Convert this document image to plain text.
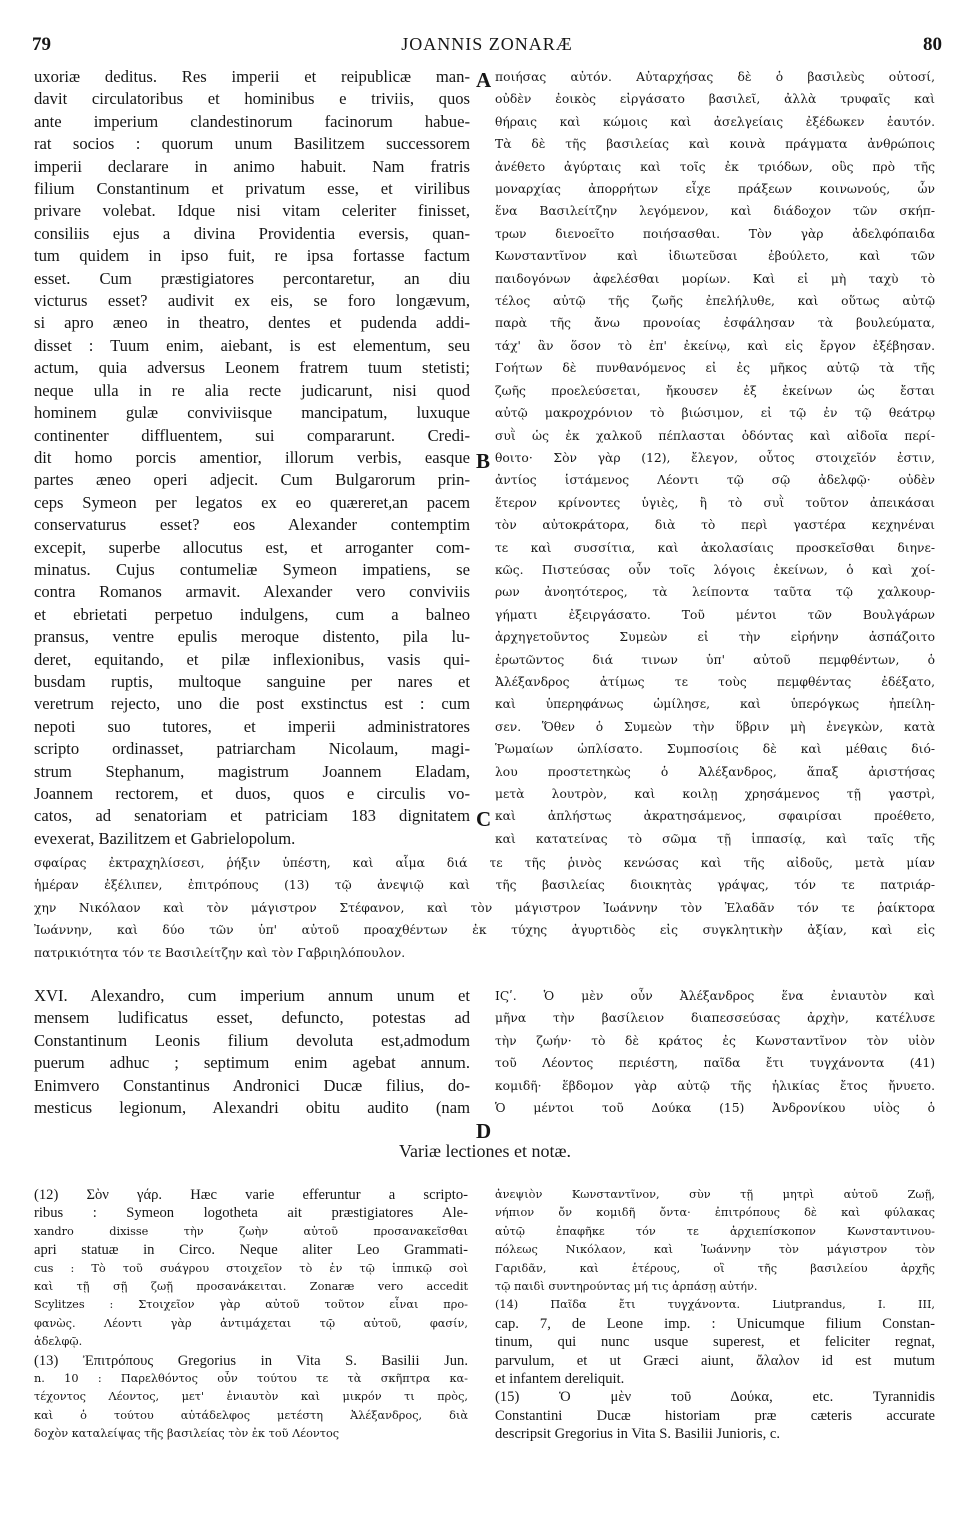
79	JOANNIS ZONARÆ	80
uxoriæ deditus. Res imperii et reipublicæ man-
davit circulatoribus et hominibus e triviis, quos
ante imperium clandestinorum facinorum habue-
rat socios : quorum unum Basilitzem successorem
imperii declarare in animo habuit. Nam fratris
filium Constantinum et privatum esse, et virilibus
privare volebat. Idque nisi vitam celeriter finisset,
consiliis ejus a divina Providentia eversis, quan-
tum quidem in ipso fuit, re ipsa fortasse factum
esset. Cum præstigiatores percontaretur, an diu
victurus esset? audivit ex eis, se foro longævum,
si apro æneo in theatro, dentes et pudenda addi-
disset : Tuum enim, aiebant, is est elementum, seu
actum, quia adversus Leonem fratrem tuum stetisti;
neque ulla in re alia recte judicarunt, nisi quod
hominem gulæ conviviisque mancipatum, luxuque
continenter diffluentem, sui compararunt. Credi-
dit homo porcis amentior, illorum verbis, easque
partes æneo operi adjecit. Cum Bulgarorum prin-
ceps Symeon per legatos ex eo quæreret,an pacem
conservaturus esset? eos Alexander contemptim
excepit, superbe allocutus est, et arroganter com-
minatus. Cujus contumeliæ Symeon impatiens, se
contra Romanos armavit. Alexander vero conviviis
et ebrietati perpetuo indulgens, cum a balneo
pransus, ventre epulis meroque distento, pila lu-
deret, equitando, et pilæ inflexionibus, vasis qui-
busdam ruptis, multoque sanguine per nares et
veretrum rejecto, uno die post exstinctus est : cum
nepoti suo tutores, et imperii administratores
scripto ordinasset, patriarcham Nicolaum, magi-
strum Stephanum, magistrum Joannem Eladam,
Joannem rectorem, et duos, quos e circulis vo-
catos, ad senatoriam et patriciam 183 dignitatem
evexerat, Bazilitzem et Gabrielopolum.
ποιήσας αὐτόν. Αὐταρχήσας δὲ ὁ βασιλεὺς οὑτοσί,
οὐδὲν ἐοικὸς εἰργάσατο βασιλεῖ, ἀλλὰ τρυφαῖς καὶ
θήραις καὶ κώμοις καὶ ἀσελγείαις ἐξέδωκεν ἑαυτόν.
Τὰ δὲ τῆς βασιλείας καὶ κοινὰ πράγματα ἀνθρώποις
ἀνέθετο ἀγύρταις καὶ τοῖς ἐκ τριόδων, οὓς πρὸ τῆς
μοναρχίας ἀπορρήτων εἶχε πράξεων κοινωνούς, ὧν
ἕνα Βασιλείτζην λεγόμενον, καὶ διάδοχον τῶν σκήπ-
τρων διενοεῖτο ποιήσασθαι. Τὸν γὰρ ἀδελφόπαιδα
Κωνσταντῖνον καὶ ἰδιωτεῦσαι ἐβούλετο, καὶ τῶν
παιδογόνων ἀφελέσθαι μορίων. Καὶ εἰ μὴ ταχὺ τὸ
τέλος αὐτῷ τῆς ζωῆς ἐπελήλυθε, καὶ οὕτως αὐτῷ
παρὰ τῆς ἄνω προνοίας ἐσφάλησαν τὰ βουλεύματα,
τάχ' ἂν ὅσον τὸ ἐπ' ἐκείνῳ, καὶ εἰς ἔργον ἐξέβησαν.
Γοήτων δὲ πυνθανόμενος εἰ ἐς μῆκος αὐτῷ τὰ τῆς
ζωῆς προελεύσεται, ἤκουσεν ἐξ ἐκείνων ὡς ἔσται
αὐτῷ μακροχρόνιον τὸ βιώσιμον, εἰ τῷ ἐν τῷ θεάτρῳ
συῒ ὡς ἐκ χαλκοῦ πέπλασται ὀδόντας καὶ αἰδοῖα περί-
θοιτο· Σὸν γὰρ (12), ἔλεγον, οὗτος στοιχεῖόν ἐστιν,
ἀντίος ἱστάμενος Λέοντι τῷ σῷ ἀδελφῷ· οὐδὲν
ἕτερον κρίνοντες ὑγιὲς, ἢ τὸ συῒ τοῦτον ἀπεικάσαι
τὸν αὐτοκράτορα, διὰ τὸ περὶ γαστέρα κεχηνέναι
τε καὶ συσσίτια, καὶ ἀκολασίαις προσκεῖσθαι διηνε-
κῶς. Πιστεύσας οὖν τοῖς λόγοις ἐκείνων, ὁ καὶ χοί-
ρων ἀνοητότερος, τὰ λείποντα ταῦτα τῷ χαλκουρ-
γήματι ἐξειργάσατο. Τοῦ μέντοι τῶν Βουλγάρων
ἀρχηγετοῦντος Συμεὼν εἰ τὴν εἰρήνην ἀσπάζοιτο
ἐρωτῶντος διά τινων ὑπ' αὐτοῦ πεμφθέντων, ὁ
Ἀλέξανδρος ἀτίμως τε τοὺς πεμφθέντας ἐδέξατο,
καὶ ὑπερηφάνως ὡμίλησε, καὶ ὑπερόγκως ἠπείλη-
σεν. Ὅθεν ὁ Συμεὼν τὴν ὕβριν μὴ ἐνεγκὼν, κατὰ
Ῥωμαίων ὡπλίσατο. Συμποσίοις δὲ καὶ μέθαις διό-
λου προστετηκὼς ὁ Ἀλέξανδρος, ἅπαξ ἀριστήσας
μετὰ λουτρὸν, καὶ κοιλῃ χρησάμενος τῇ γαστρὶ,
καὶ ἀπλήστως ἀκρατησάμενος, σφαιρίσαι προέθετο,
καὶ κατατείνας τὸ σῶμα τῇ ἱππασίᾳ, καὶ ταῖς τῆς
A
B
C
D
σφαίρας ἐκτραχηλίσεσι, ῥήξιν ὑπέστη, καὶ αἷμα διά τε τῆς ῥινὸς κενώσας καὶ τῆς αἰδοῦς, μετὰ μίαν
ἡμέραν ἐξέλιπεν, ἐπιτρόπους (13) τῷ ἀνεψιῷ καὶ τῆς βασιλείας διοικητὰς γράψας, τόν τε πατριάρ-
χην Νικόλαον καὶ τὸν μάγιστρον Στέφανον, καὶ τὸν μάγιστρον Ἰωάννην τὸν Ἐλαδᾶν τόν τε ῥαίκτορα
Ἰωάννην, καὶ δύο τῶν ὑπ' αὐτοῦ προαχθέντων ἐκ τύχης ἀγυρτιδὸς εἰς συγκλητικὴν ἀξίαν, καὶ εἰς
πατρικιότητα τόν τε Βασιλείτζην καὶ τὸν Γαβριηλόπουλον.
XVI. Alexandro, cum imperium annum unum et
mensem ludificatus esset, defuncto, potestas ad
Constantinum Leonis filium devoluta est,admodum
puerum adhuc ; septimum enim agebat annum.
Enimvero Constantinus Andronici Ducæ filius, do-
mesticus legionum, Alexandri obitu audito (nam
ΙϚʹ. Ὁ μὲν οὖν Ἀλέξανδρος ἕνα ἐνιαυτὸν καὶ
μῆνα τὴν βασίλειον διαπεσσεύσας ἀρχὴν, κατέλυσε
τὴν ζωήν· τὸ δὲ κράτος ἐς Κωνσταντῖνον τὸν υἱὸν
τοῦ Λέοντος περιέστη, παῖδα ἔτι τυγχάνοντα (41)
κομιδῆ· ἕβδομον γὰρ αὐτῷ τῆς ἡλικίας ἔτος ἤνυετο.
Ὁ μέντοι τοῦ Δούκα (15) Ἀνδρονίκου υἱὸς ὁ
Variæ lectiones et notæ.
(12) Σὸν γάρ. Hæc varie efferuntur a scripto-
ribus : Symeon logotheta ait præstigiatores Ale-
xandro dixisse τὴν ζωὴν αὐτοῦ προσανακεῖσθαι
apri statuæ in Circo. Neque aliter Leo Grammati-
cus : Τὸ τοῦ συάγρου στοιχεῖον τὸ ἐν τῷ ἱππικῷ σοὶ
καὶ τῇ σῇ ζωῇ προσανάκειται. Zonaræ vero accedit
Scylitzes : Στοιχεῖον γὰρ αὐτοῦ τοῦτον εἶναι προ-
φανὼς. Λέοντι γὰρ ἀντιμάχεται τῷ αὐτοῦ, φασίν,
ἀδελφῷ.
(13) Ἐπιτρόπους Gregorius in Vita S. Basilii Jun.
n. 10 : Παρελθόντος οὖν τούτου τε τὰ σκῆπτρα κα-
τέχοντος Λέοντος, μετ' ἐνιαυτὸν καὶ μικρόν τι πρὸς,
καὶ ὁ τούτου αὐτάδελφος μετέστη Ἀλέξανδρος, διὰ
δοχὸν καταλείψας τῆς βασιλείας τὸν ἐκ τοῦ Λέοντος
ἀνεψιὸν Κωνσταντῖνον, σὺν τῇ μητρὶ αὐτοῦ Ζωῇ,
νήπιον ὄν κομιδῆ ὄντα· ἐπιτρόπους δὲ καὶ φύλακας
αὐτῷ ἐπαφῆκε τόν τε ἀρχιεπίσκοπον Κωνσταντινου-
πόλεως Νικόλαον, καὶ Ἰωάννην τὸν μάγιστρον τὸν
Γαριδᾶν, καὶ ἑτέρους, οἳ τῆς βασιλείου ἀρχῆς
τῷ παιδὶ συντηρούντας μή τις ἁρπάσῃ αὐτήν.
(14) Παῖδα ἔτι τυγχάνοντα. Liutprandus, I. III,
cap. 7, de Leone imp. : Unicumque filium Constan-
tinum, qui nunc usque superest, et feliciter regnat,
parvulum, et ut Græci aiunt, ἄλαλον id est mutum
et infantem dereliquit.
(15) Ὁ μὲν τοῦ Δούκα, etc. Tyrannidis
Constantini Ducæ historiam præ cæteris accurate
descripsit Gregorius in Vita S. Basilii Junioris, c.
